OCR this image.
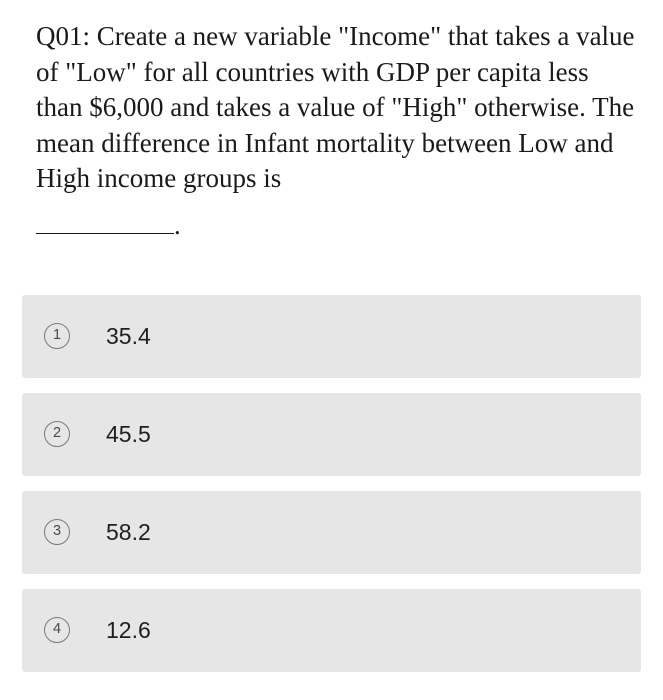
Q01: Create a new variable "Income" that takes a value of "Low" for all countries with GDP per capita less than $6,000 and takes a value of "High" otherwise. The mean difference in Infant mortality between Low and High income groups is
.
1	35.4
2	45.5
3	58.2
4	12.6
